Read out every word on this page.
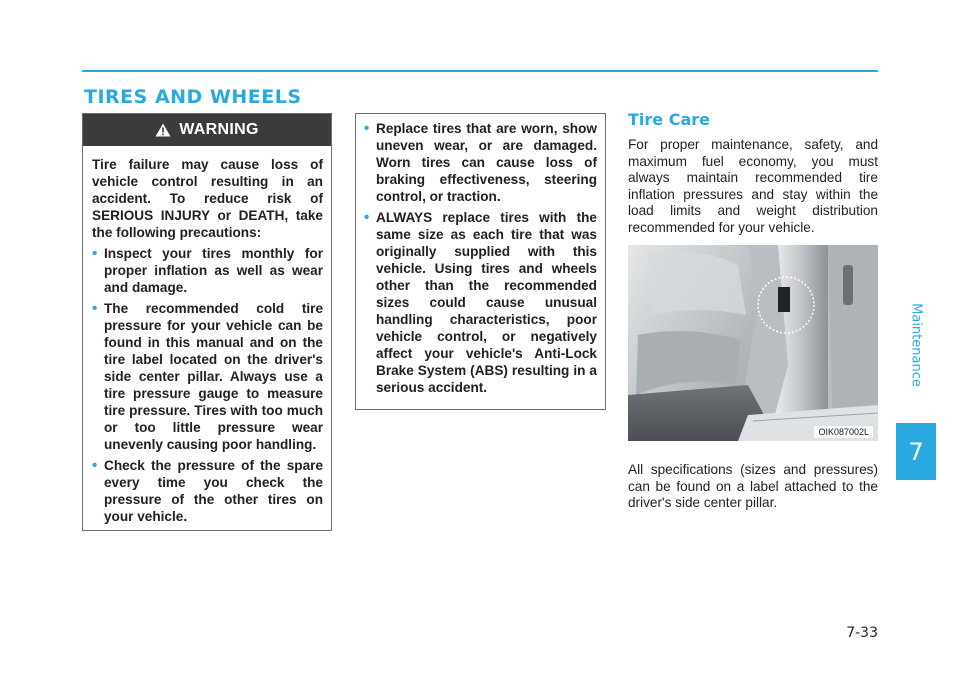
TIRES AND WHEELS
Maintenance
7
WARNING

Tire failure may cause loss of vehicle control resulting in an accident. To reduce risk of SERIOUS INJURY or DEATH, take the following precautions:

• Inspect your tires monthly for proper inflation as well as wear and damage.
• The recommended cold tire pressure for your vehicle can be found in this manual and on the tire label located on the driver's side center pillar. Always use a tire pressure gauge to measure tire pressure. Tires with too much or too little pressure wear unevenly causing poor handling.
• Check the pressure of the spare every time you check the pressure of the other tires on your vehicle.
• Replace tires that are worn, show uneven wear, or are damaged. Worn tires can cause loss of braking effectiveness, steering control, or traction.
• ALWAYS replace tires with the same size as each tire that was originally supplied with this vehicle. Using tires and wheels other than the recommended sizes could cause unusual handling characteristics, poor vehicle control, or negatively affect your vehicle's Anti-Lock Brake System (ABS) resulting in a serious accident.
Tire Care

For proper maintenance, safety, and maximum fuel economy, you must always maintain recommended tire inflation pressures and stay within the load limits and weight distribution recommended for your vehicle.

OIK087002L

All specifications (sizes and pressures) can be found on a label attached to the driver's side center pillar.

7-33
